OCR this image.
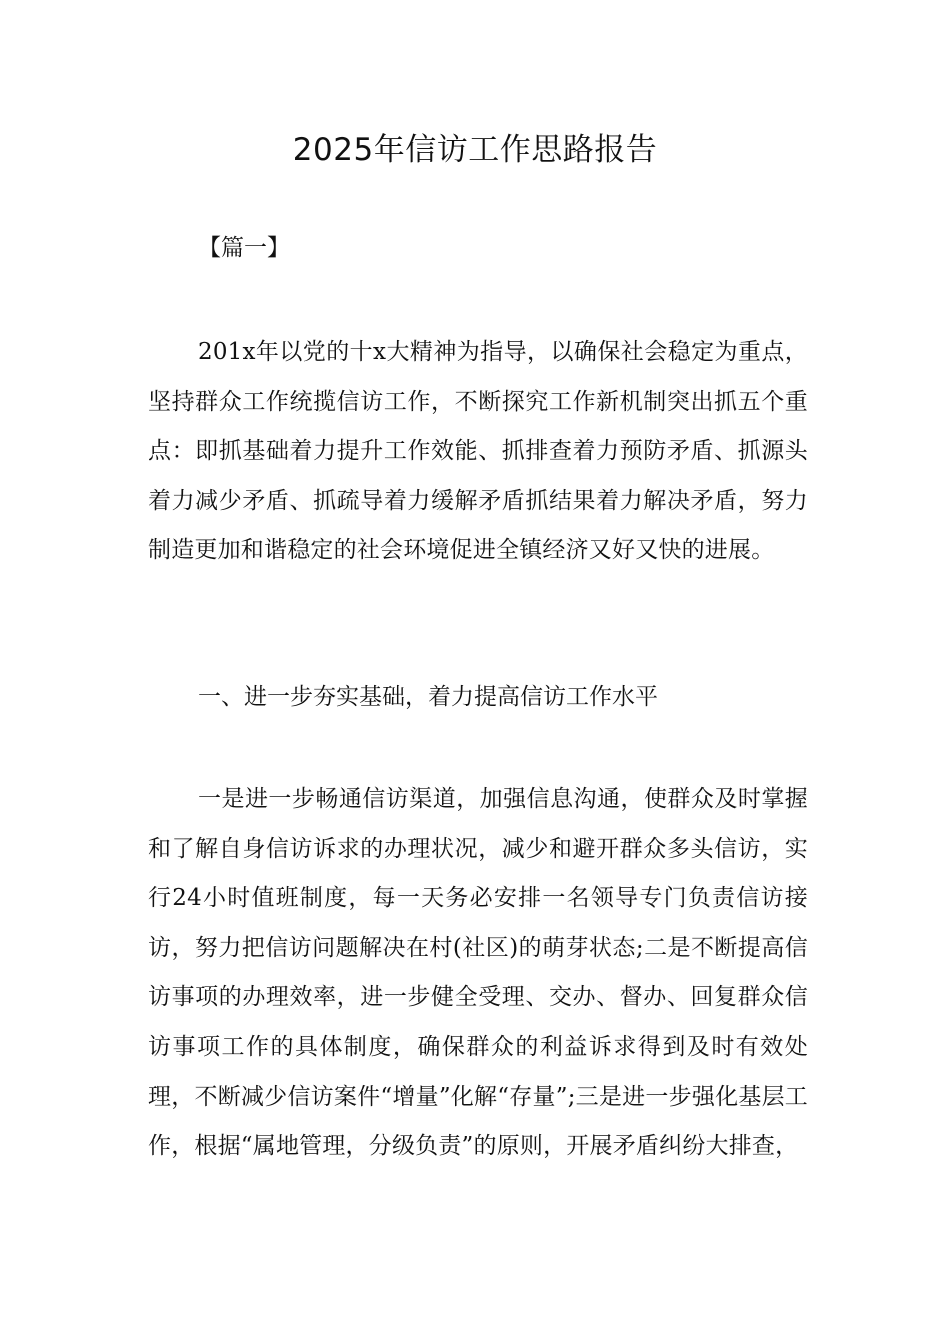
2025年信访工作思路报告

【篇一】

201x年以党的十x大精神为指导，以确保社会稳定为重点，坚持群众工作统揽信访工作，不断探究工作新机制突出抓五个重点：即抓基础着力提升工作效能、抓排查着力预防矛盾、抓源头着力减少矛盾、抓疏导着力缓解矛盾抓结果着力解决矛盾，努力制造更加和谐稳定的社会环境促进全镇经济又好又快的进展。

一、进一步夯实基础，着力提高信访工作水平

一是进一步畅通信访渠道，加强信息沟通，使群众及时掌握和了解自身信访诉求的办理状况，减少和避开群众多头信访，实行24小时值班制度，每一天务必安排一名领导专门负责信访接访，努力把信访问题解决在村(社区)的萌芽状态;二是不断提高信访事项的办理效率，进一步健全受理、交办、督办、回复群众信访事项工作的具体制度，确保群众的利益诉求得到及时有效处理，不断减少信访案件“增量”化解“存量”;三是进一步强化基层工作，根据“属地管理，分级负责”的原则，开展矛盾纠纷大排查，
